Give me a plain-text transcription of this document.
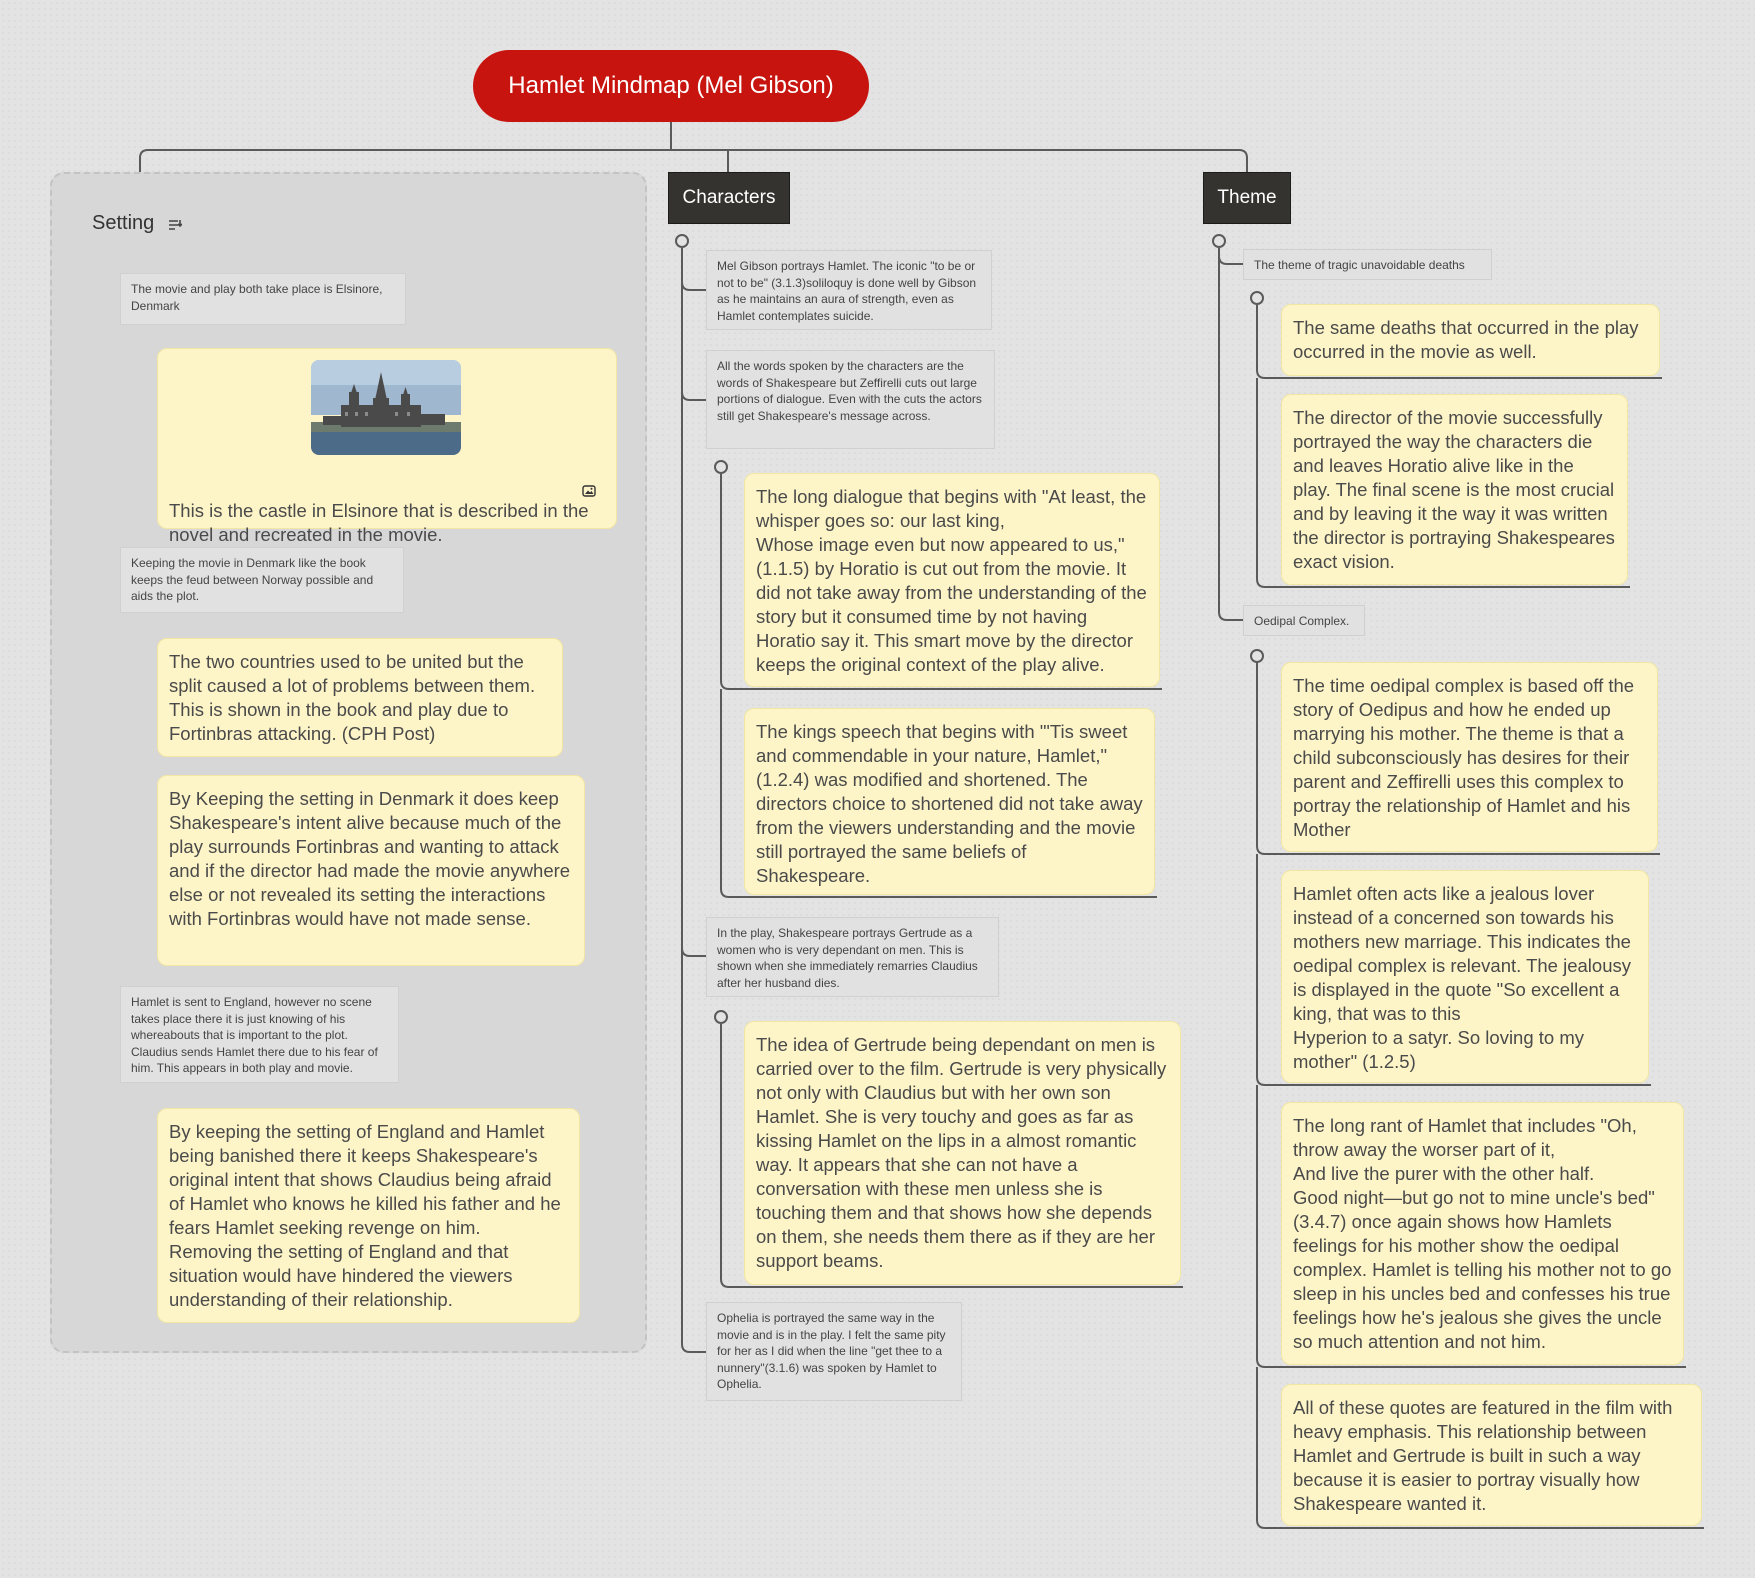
Hamlet Mindmap (Mel Gibson)
Setting
The movie and play both take place is Elsinore, Denmark

This is the castle in Elsinore that is described in the novel and recreated in the movie.

Keeping the movie in Denmark like the book keeps the feud between Norway possible and aids the plot.
The two countries used to be united but the split caused a lot of problems between them. This is shown in the book and play due to Fortinbras attacking. (CPH Post)
By Keeping the setting in Denmark it does keep Shakespeare's intent alive because much of the play surrounds Fortinbras and wanting to attack and if the director had made the movie anywhere else or not revealed its setting the interactions with Fortinbras would have not made sense.
Hamlet is sent to England, however no scene takes place there it is just knowing of his whereabouts that is important to the plot. Claudius sends Hamlet there due to his fear of him. This appears in both play and movie.
By keeping the setting of England and Hamlet being banished there it keeps Shakespeare's original intent that shows Claudius being afraid of Hamlet who knows he killed his father and he fears Hamlet seeking revenge on him. Removing the setting of England and that situation would have hindered the viewers understanding of their relationship.
Characters
Mel Gibson portrays Hamlet. The iconic "to be or not to be" (3.1.3)soliloquy is done well by Gibson as he maintains an aura of strength, even as Hamlet contemplates suicide.
All the words spoken by the characters are the words of Shakespeare but Zeffirelli cuts out large portions of dialogue. Even with the cuts the actors still get Shakespeare's message across.
The long dialogue that begins with "At least, the whisper goes so: our last king,
Whose image even but now appeared to us," (1.1.5) by Horatio is cut out from the movie. It did not take away from the understanding of the story but it consumed time by not having Horatio say it. This smart move by the director keeps the original context of the play alive.
The kings speech that begins with "'Tis sweet and commendable in your nature, Hamlet," (1.2.4) was modified and shortened. The directors choice to shortened did not take away from the viewers understanding and the movie still portrayed the same beliefs of Shakespeare.
In the play, Shakespeare portrays Gertrude as a women who is very dependant on men. This is shown when she immediately remarries Claudius after her husband dies.
The idea of Gertrude being dependant on men is carried over to the film. Gertrude is very physically not only with Claudius but with her own son Hamlet. She is very touchy and goes as far as kissing Hamlet on the lips in a almost romantic way. It appears that she can not have a conversation with these men unless she is touching them and that shows how she depends on them, she needs them there as if they are her support beams.
Ophelia is portrayed the same way in the movie and is in the play. I felt the same pity for her as I did when the line "get thee to a nunnery"(3.1.6) was spoken by Hamlet to Ophelia.
Theme
The theme of tragic unavoidable deaths
The same deaths that occurred in the play occurred in the movie as well.
The director of the movie successfully portrayed the way the characters die and leaves Horatio alive like in the play. The final scene is the most crucial and by leaving it the way it was written the director is portraying Shakespeares exact vision.
Oedipal Complex.
The time oedipal complex is based off the story of Oedipus and how he ended up marrying his mother. The theme is that a child subconsciously has desires for their parent and Zeffirelli uses this complex to portray the relationship of Hamlet and his Mother
Hamlet often acts like a jealous lover instead of a concerned son towards his mothers new marriage. This indicates the oedipal complex is relevant. The jealousy is displayed in the quote "So excellent a king, that was to this
Hyperion to a satyr. So loving to my mother" (1.2.5)
The long rant of Hamlet that includes "Oh, throw away the worser part of it,
And live the purer with the other half.
Good night—but go not to mine uncle's bed" (3.4.7) once again shows how Hamlets feelings for his mother show the oedipal complex. Hamlet is telling his mother not to go sleep in his uncles bed and confesses his true feelings how he's jealous she gives the uncle so much attention and not him.
All of these quotes are featured in the film with heavy emphasis. This relationship between Hamlet and Gertrude is built in such a way because it is easier to portray visually how Shakespeare wanted it.
